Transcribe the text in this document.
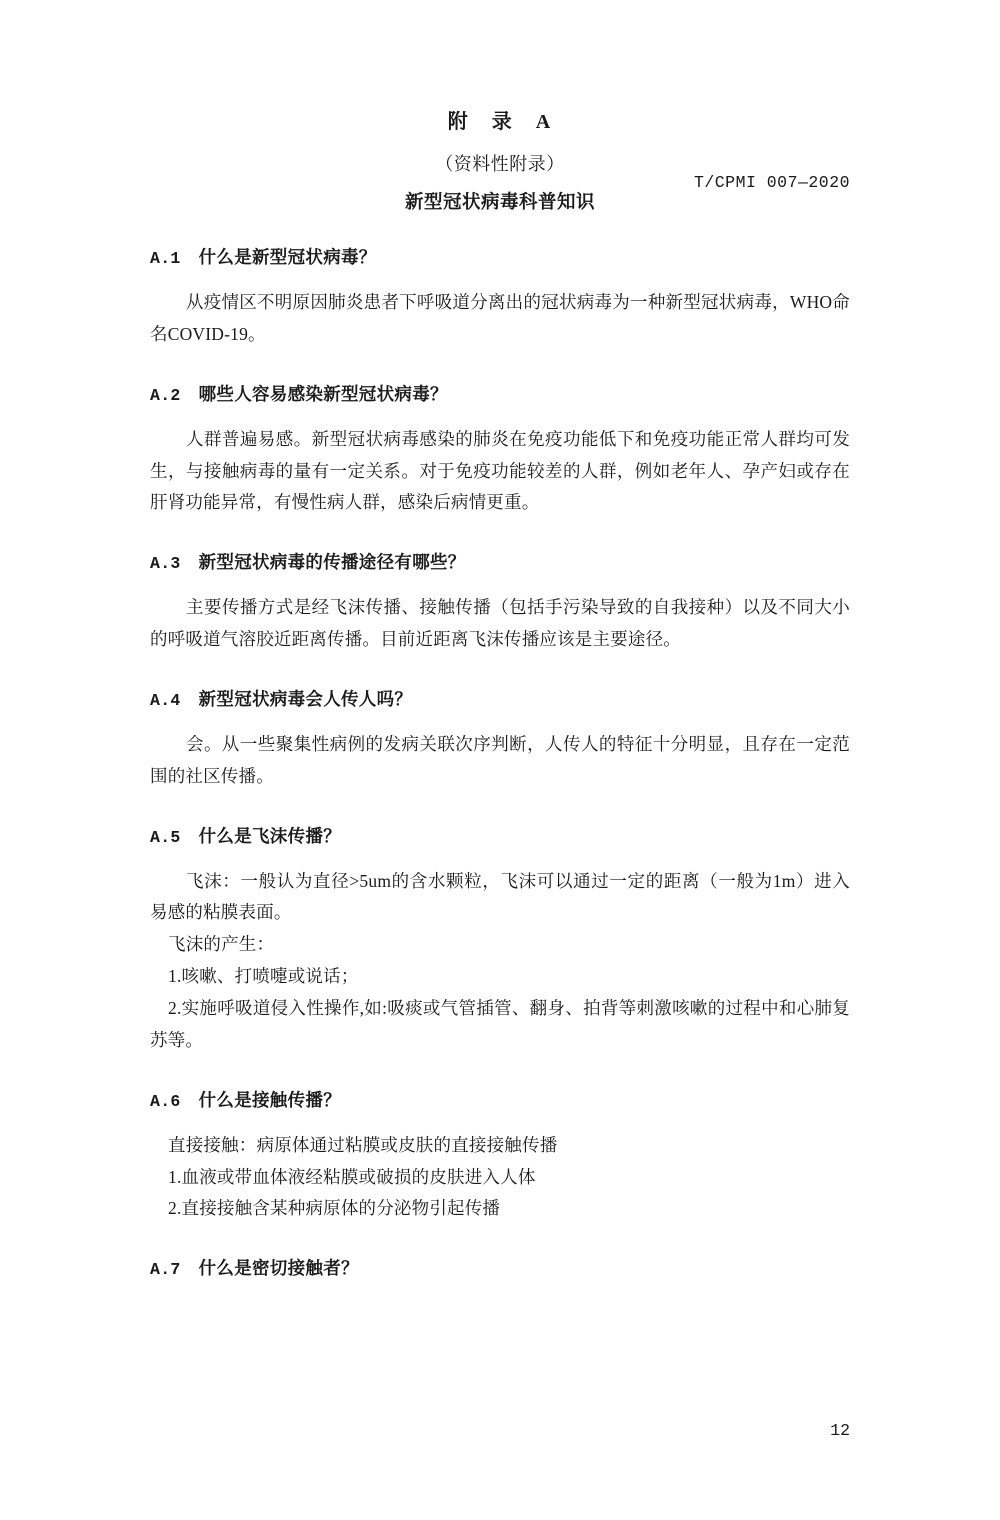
T/CPMI 007—2020
附　录　A
（资料性附录）
新型冠状病毒科普知识
A.1 什么是新型冠状病毒？
从疫情区不明原因肺炎患者下呼吸道分离出的冠状病毒为一种新型冠状病毒，WHO命名COVID-19。
A.2 哪些人容易感染新型冠状病毒？
人群普遍易感。新型冠状病毒感染的肺炎在免疫功能低下和免疫功能正常人群均可发生，与接触病毒的量有一定关系。对于免疫功能较差的人群，例如老年人、孕产妇或存在肝肾功能异常，有慢性病人群，感染后病情更重。
A.3 新型冠状病毒的传播途径有哪些？
主要传播方式是经飞沫传播、接触传播（包括手污染导致的自我接种）以及不同大小的呼吸道气溶胶近距离传播。目前近距离飞沫传播应该是主要途径。
A.4 新型冠状病毒会人传人吗？
会。从一些聚集性病例的发病关联次序判断，人传人的特征十分明显，且存在一定范围的社区传播。
A.5 什么是飞沫传播？
飞沫：一般认为直径>5um的含水颗粒，飞沫可以通过一定的距离（一般为1m）进入易感的粘膜表面。
飞沫的产生：
1.咳嗽、打喷嚏或说话；
2.实施呼吸道侵入性操作,如:吸痰或气管插管、翻身、拍背等刺激咳嗽的过程中和心肺复苏等。
A.6 什么是接触传播？
直接接触：病原体通过粘膜或皮肤的直接接触传播
1.血液或带血体液经粘膜或破损的皮肤进入人体
2.直接接触含某种病原体的分泌物引起传播
A.7 什么是密切接触者？
12
